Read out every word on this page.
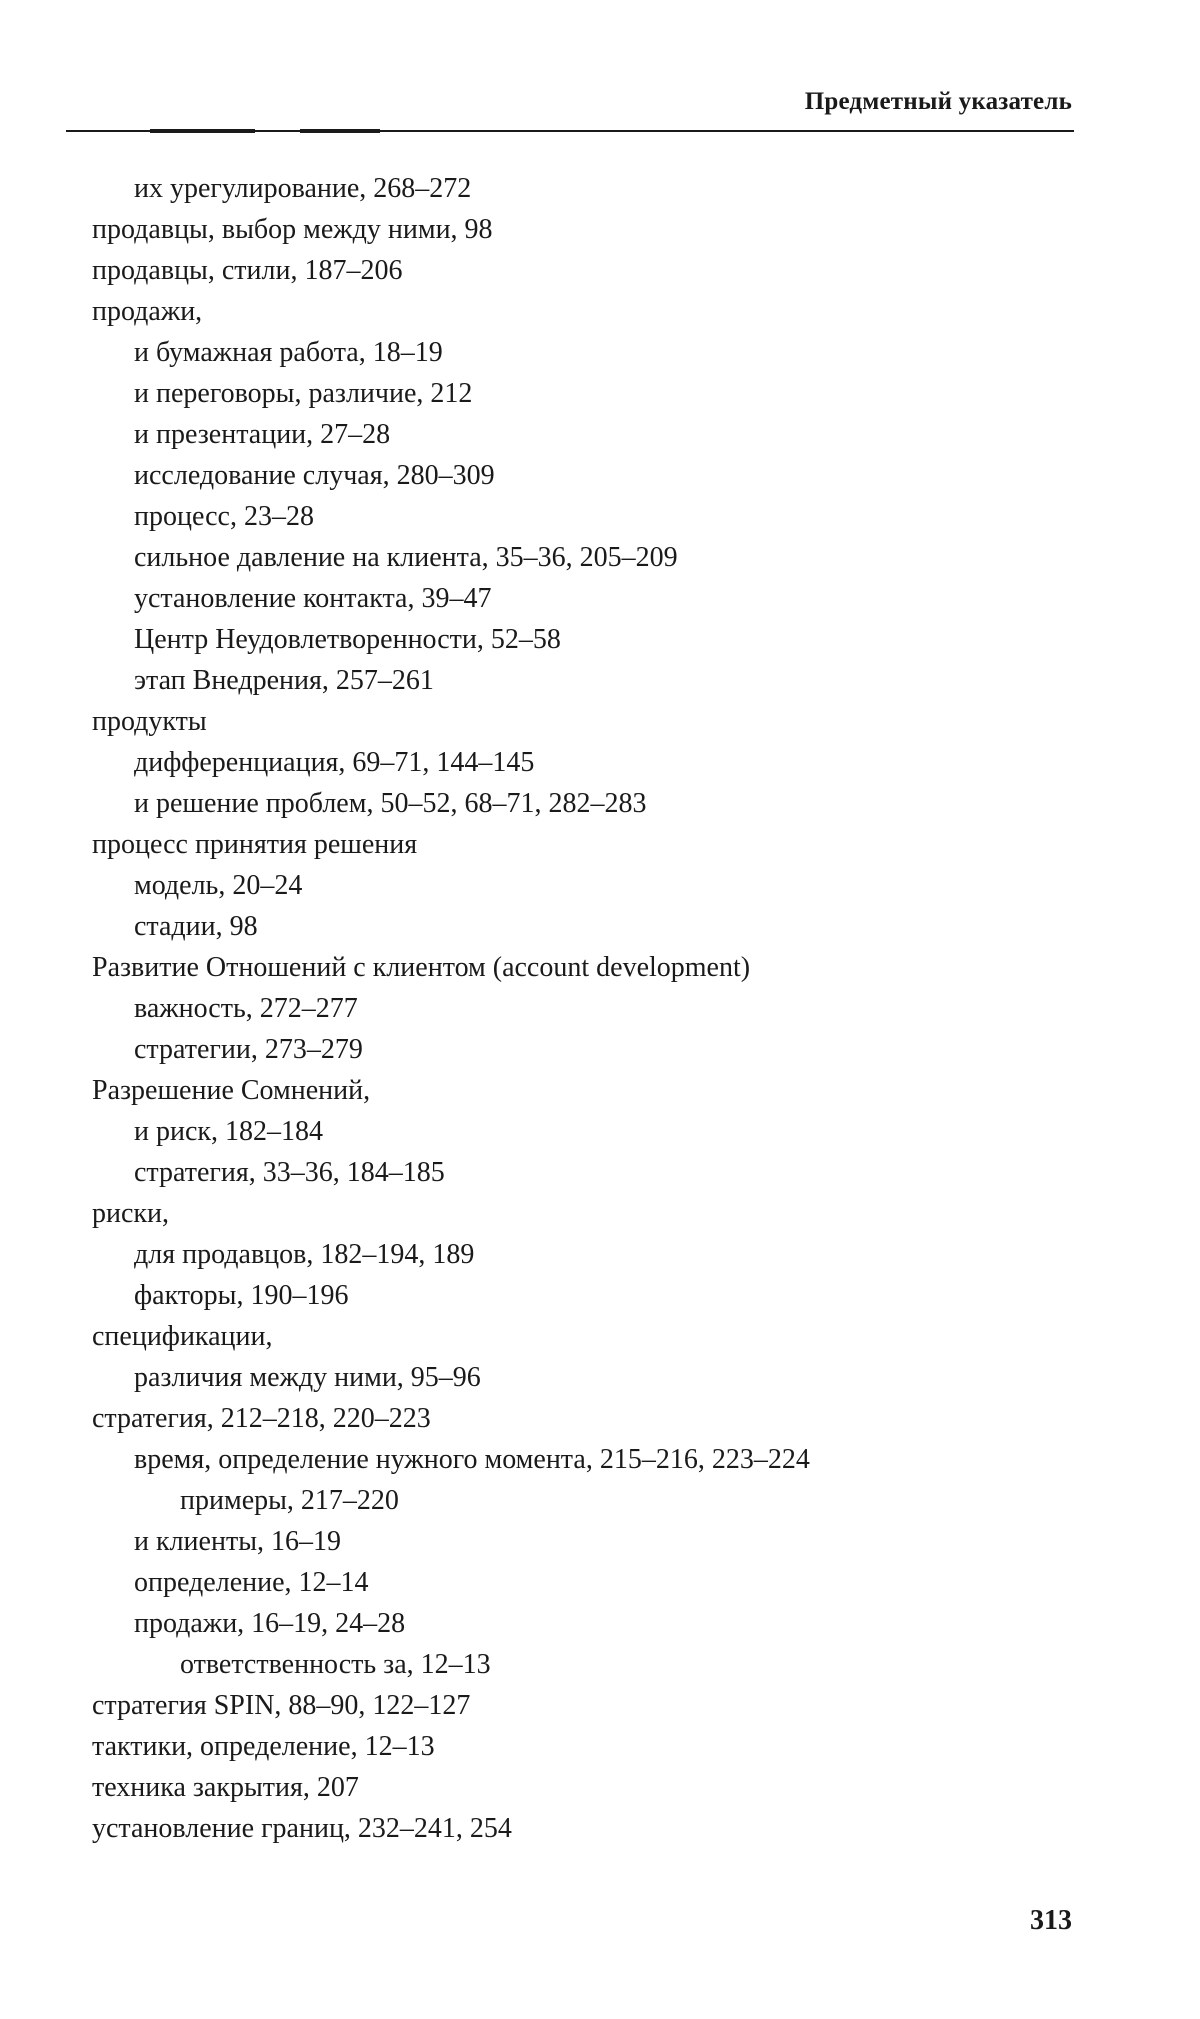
Предметный указатель
их урегулирование, 268–272
продавцы, выбор между ними, 98
продавцы, стили, 187–206
продажи,
и бумажная работа, 18–19
и переговоры, различие, 212
и презентации, 27–28
исследование случая, 280–309
процесс, 23–28
сильное давление на клиента, 35–36, 205–209
установление контакта, 39–47
Центр Неудовлетворенности, 52–58
этап Внедрения, 257–261
продукты
дифференциация, 69–71, 144–145
и решение проблем, 50–52, 68–71, 282–283
процесс принятия решения
модель, 20–24
стадии, 98
Развитие Отношений с клиентом (account development)
важность, 272–277
стратегии, 273–279
Разрешение Сомнений,
и риск, 182–184
стратегия, 33–36, 184–185
риски,
для продавцов, 182–194, 189
факторы, 190–196
спецификации,
различия между ними, 95–96
стратегия, 212–218, 220–223
время, определение нужного момента, 215–216, 223–224
примеры, 217–220
и клиенты, 16–19
определение, 12–14
продажи, 16–19, 24–28
ответственность за, 12–13
стратегия SPIN, 88–90, 122–127
тактики, определение, 12–13
техника закрытия, 207
установление границ, 232–241, 254
313
